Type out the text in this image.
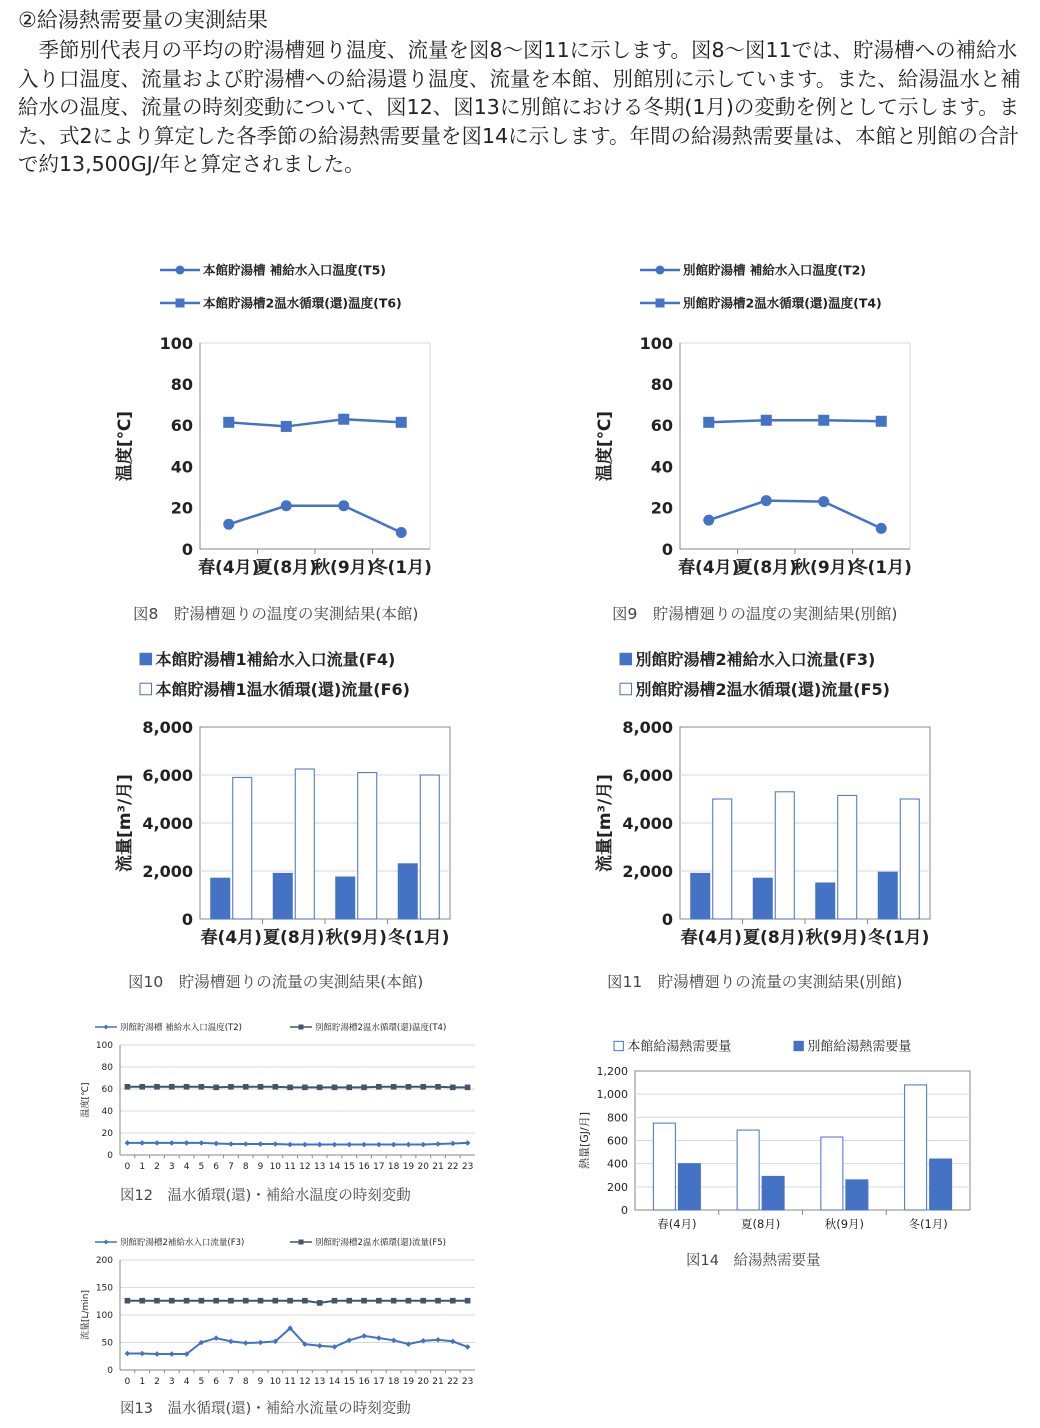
②給湯熱需要量の実測結果

季節別代表月の平均の貯湯槽廻り温度、流量を図8～図11に示します。図8～図11では、貯湯槽への補給水入り口温度、流量および貯湯槽への給湯還り温度、流量を本館、別館別に示しています。また、給湯温水と補給水の温度、流量の時刻変動について、図12、図13に別館における冬期(1月)の変動を例として示します。また、式2により算定した各季節の給湯熱需要量を図14に示します。年間の給湯熱需要量は、本館と別館の合計で約13,500GJ/年と算定されました。

本館貯湯槽 補給水入口温度(T5)
本館貯湯槽2温水循環(還)温度(T6)
0
20
40
60
80
100
温度[℃]
春(4月)
夏(8月)
秋(9月)
冬(1月)
図8　貯湯槽廻りの温度の実測結果(本館)
別館貯湯槽 補給水入口温度(T2)
別館貯湯槽2温水循環(還)温度(T4)
0
20
40
60
80
100
温度[℃]
春(4月)
夏(8月)
秋(9月)
冬(1月)
図9　貯湯槽廻りの温度の実測結果(別館)
本館貯湯槽1補給水入口流量(F4)
本館貯湯槽1温水循環(還)流量(F6)
0
2,000
4,000
6,000
8,000
流量[m³/月]
春(4月) 夏(8月) 秋(9月) 冬(1月)
図10　貯湯槽廻りの流量の実測結果(本館)
別館貯湯槽2補給水入口流量(F3)
別館貯湯槽2温水循環(還)流量(F5)
0
2,000
4,000
6,000
8,000
流量[m³/月]
春(4月) 夏(8月) 秋(9月) 冬(1月)
図11　貯湯槽廻りの流量の実測結果(別館)
別館貯湯槽 補給水入口温度(T2)	別館貯湯槽2温水循環(還)温度(T4)
0
20
40
60
80
100
温度[℃]
0 1 2 3 4 5 6 7 8 9 10 11 12 13 14 15 16 17 18 19 20 21 22 23
図12　温水循環(還)・補給水温度の時刻変動
別館貯湯槽2補給水入口流量(F3)	別館貯湯槽2温水循環(還)流量(F5)
0
50
100
150
200
流量[L/min]
0 1 2 3 4 5 6 7 8 9 10 11 12 13 14 15 16 17 18 19 20 21 22 23
図13　温水循環(還)・補給水流量の時刻変動
本館給湯熱需要量	別館給湯熱需要量
0
200
400
600
800
1,000
1,200
熱量[GJ/月]
春(4月)	夏(8月)	秋(9月)	冬(1月)
図14　給湯熱需要量
